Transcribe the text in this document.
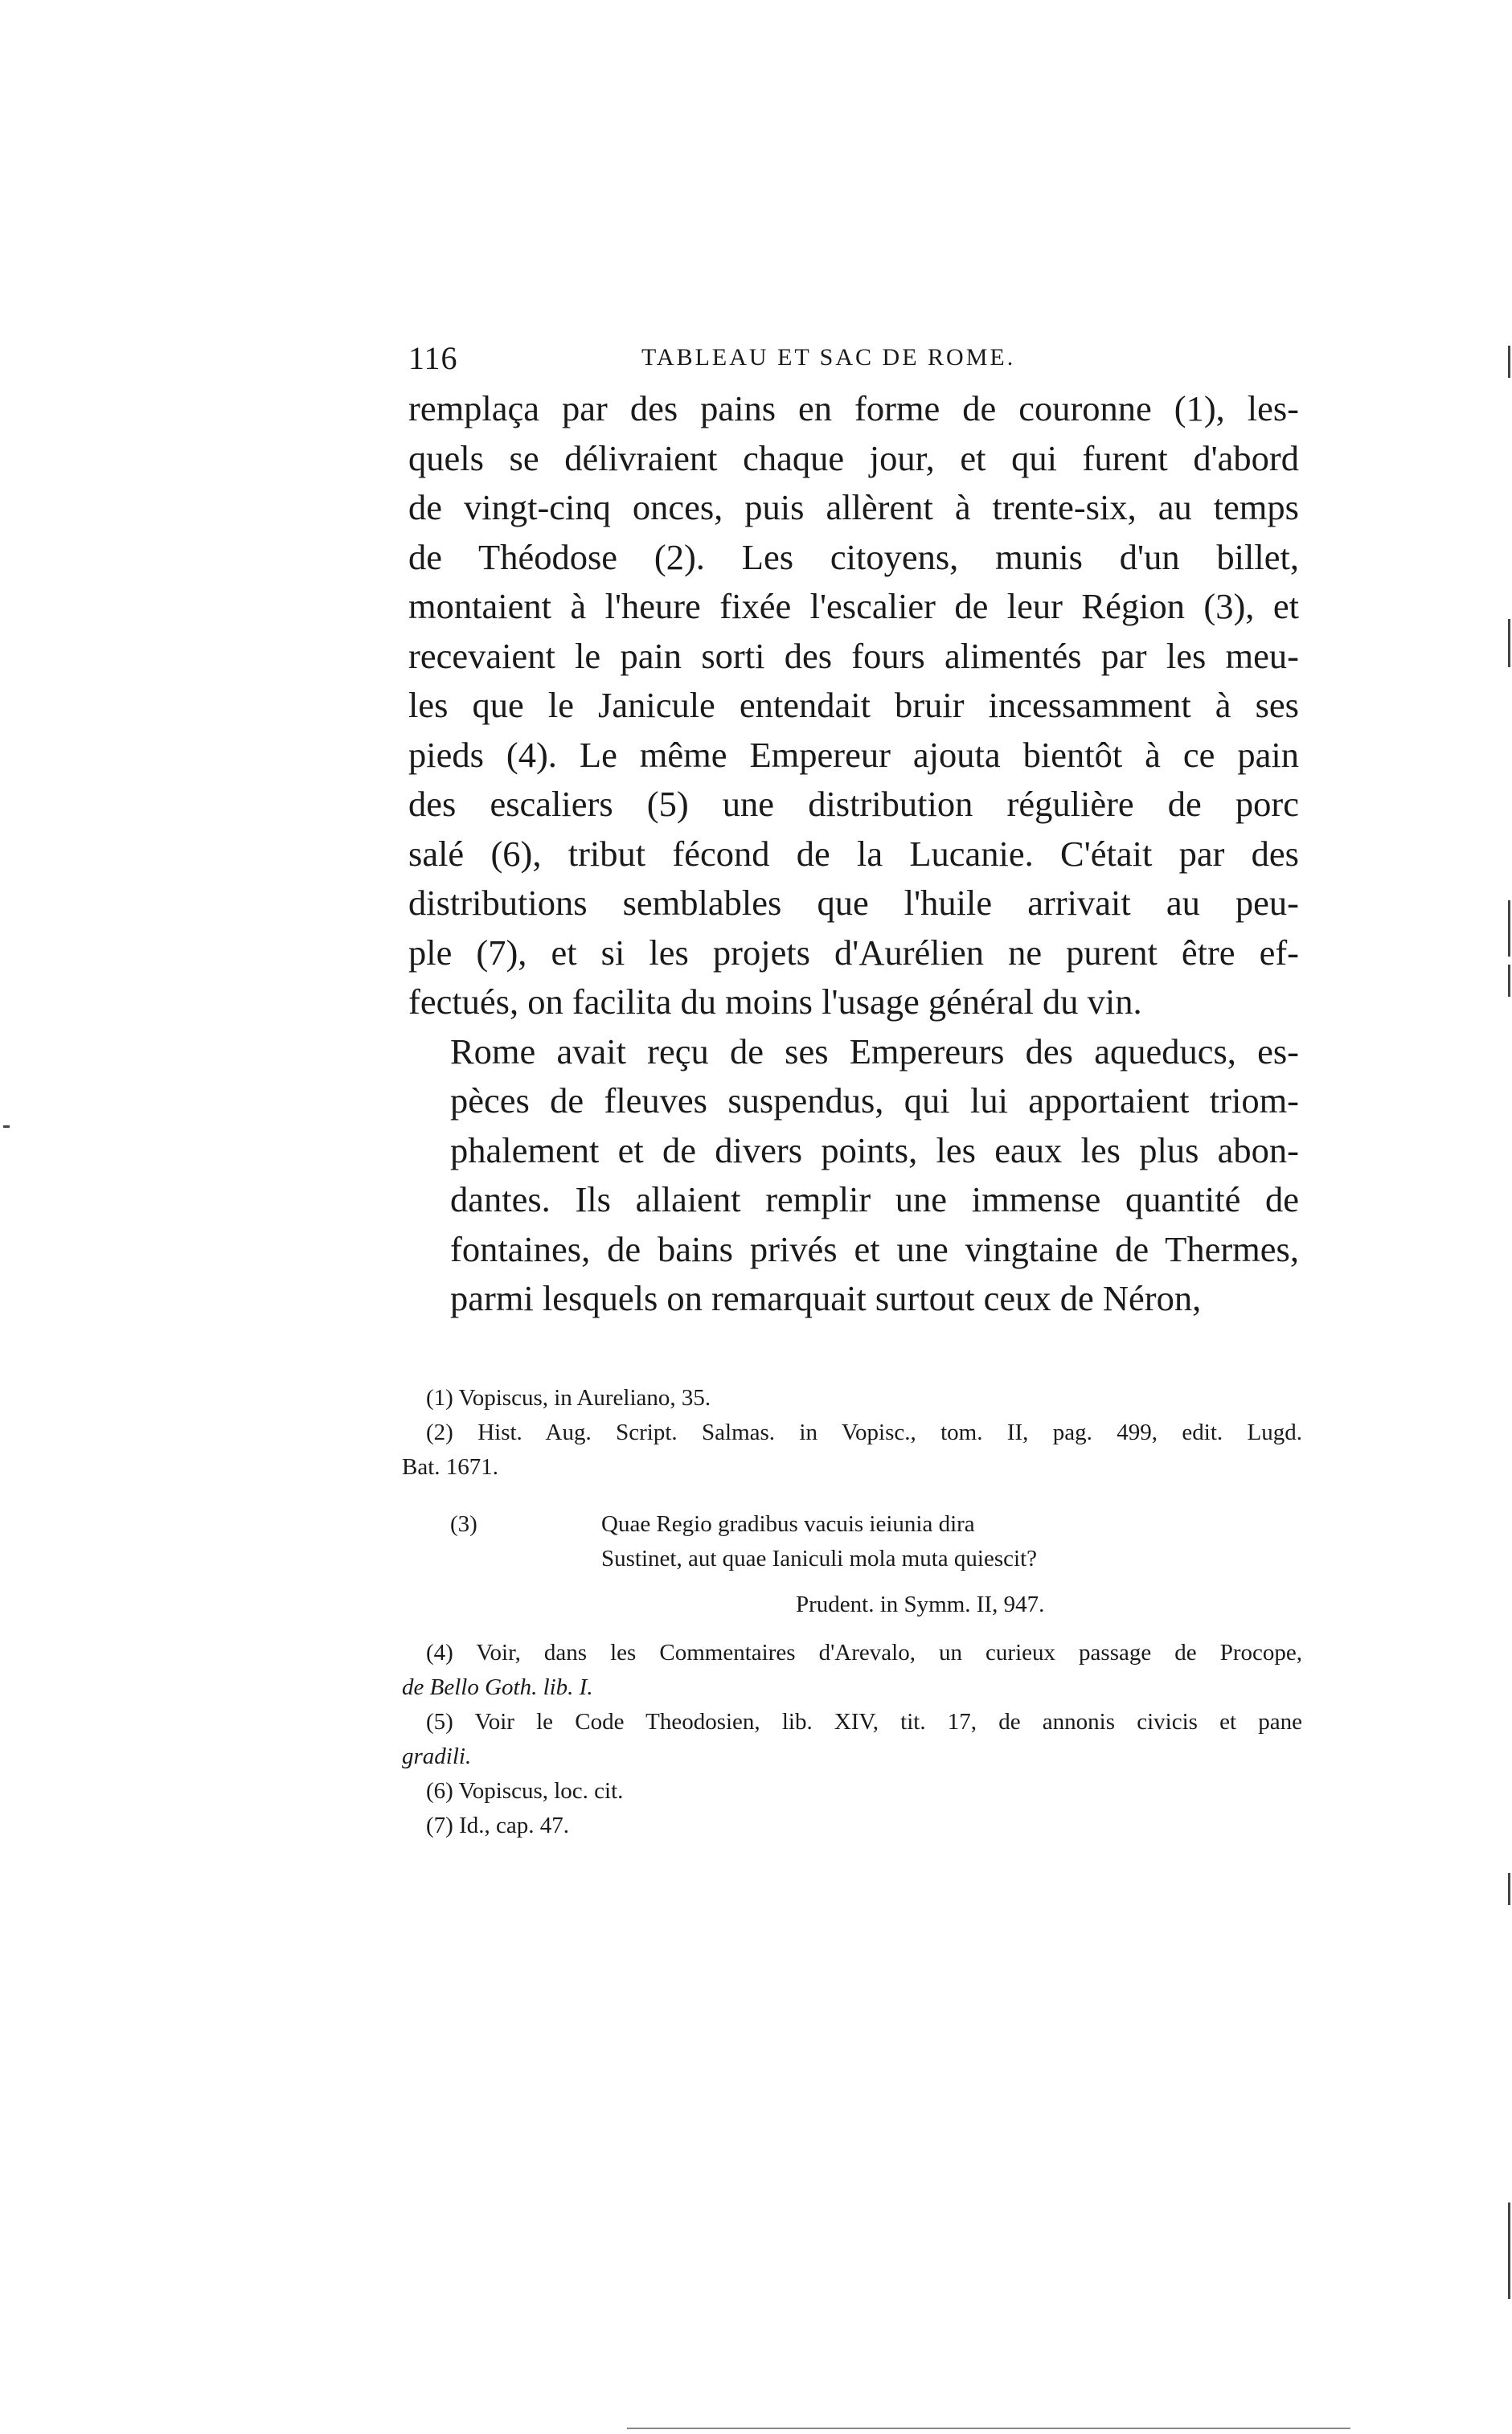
116	TABLEAU ET SAC DE ROME.

remplaça par des pains en forme de couronne (1), les-
quels se délivraient chaque jour, et qui furent d'abord
de vingt-cinq onces, puis allèrent à trente-six, au temps
de Théodose (2). Les citoyens, munis d'un billet,
montaient à l'heure fixée l'escalier de leur Région (3), et
recevaient le pain sorti des fours alimentés par les meu-
les que le Janicule entendait bruir incessamment à ses
pieds (4). Le même Empereur ajouta bientôt à ce pain
des escaliers (5) une distribution régulière de porc
salé (6), tribut fécond de la Lucanie. C'était par des
distributions semblables que l'huile arrivait au peu-
ple (7), et si les projets d'Aurélien ne purent être ef-
fectués, on facilita du moins l'usage général du vin.

Rome avait reçu de ses Empereurs des aqueducs, es-
pèces de fleuves suspendus, qui lui apportaient triom-
phalement et de divers points, les eaux les plus abon-
dantes. Ils allaient remplir une immense quantité de
fontaines, de bains privés et une vingtaine de Thermes,
parmi lesquels on remarquait surtout ceux de Néron,

(1) Vopiscus, in Aureliano, 35.
(2) Hist. Aug. Script. Salmas. in Vopisc., tom. II, pag. 499, edit. Lugd.
Bat. 1671.
(3)	Quae Regio gradibus vacuis ieiunia dira
Sustinet, aut quae Ianiculi mola muta quiescit?
Prudent. in Symm. II, 947.
(4) Voir, dans les Commentaires d'Arevalo, un curieux passage de Procope,
de Bello Goth. lib. I.
(5) Voir le Code Theodosien, lib. XIV, tit. 17, de annonis civicis et pane
gradili.
(6) Vopiscus, loc. cit.
(7) Id., cap. 47.
